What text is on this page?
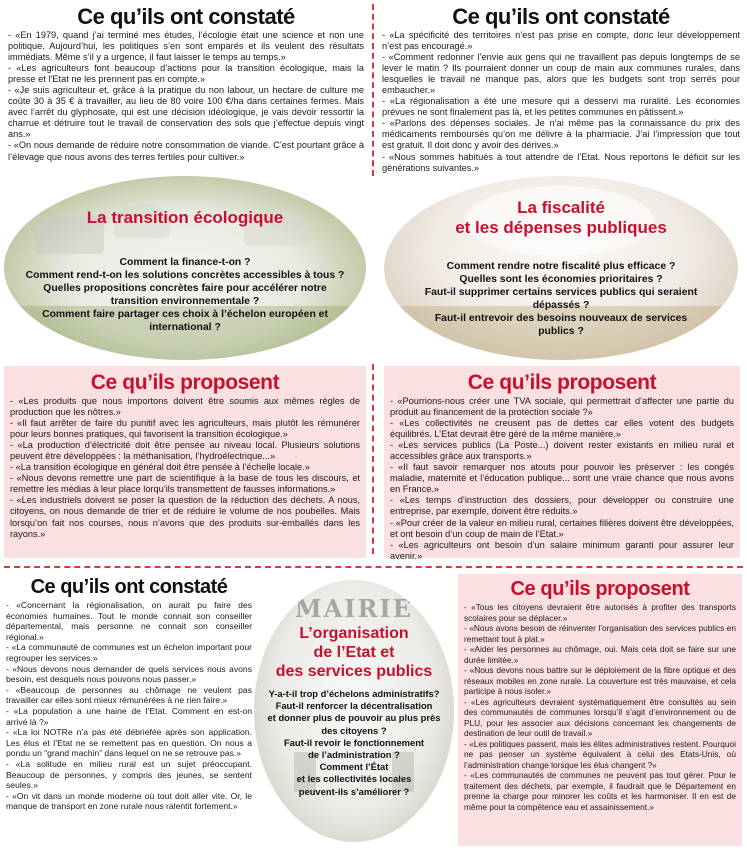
Ce qu’ils ont constaté
- «En 1979, quand j’ai terminé mes études, l’écologie était une science et non une politique. Aujourd’hui, les politiques s’en sont emparés et ils veulent des résultats immédiats. Même s’il y a urgence, il faut laisser le temps au temps.»
- «Les agriculteurs font beaucoup d’actions pour la transition écologique, mais la presse et l’Etat ne les prennent pas en compte.»
- «Je suis agriculteur et, grâce à la pratique du non labour, un hectare de culture me coûte 30 à 35 € à travailler, au lieu de 80 voire 100 €/ha dans certaines fermes. Mais avec l’arrêt du glyphosate, qui est une décision idéologique, je vais devoir ressortir la charrue et détruire tout le travail de conservation des sols que j’effectue depuis vingt ans.»
- «On nous demande de réduire notre consommation de viande. C’est pourtant grâce à l’élevage que nous avons des terres fertiles pour cultiver.»
Ce qu’ils ont constaté
- «La spécificité des territoires n’est pas prise en compte, donc leur développement n’est pas encouragé.»
- «Comment redonner l’envie aux gens qui ne travaillent pas depuis longtemps de se lever le matin ? Ils pourraient donner un coup de main aux communes rurales, dans lesquelles le travail ne manque pas, alors que les budgets sont trop serrés pour embaucher.»
- «La régionalisation a été une mesure qui a desservi ma ruralité. Les économies prévues ne sont finalement pas là, et les petites communes en pâtissent.»
- «Parlons des dépenses sociales. Je n’ai même pas la connaissance du prix des médicaments remboursés qu’on me délivre à la pharmacie. J’ai l’impression que tout est gratuit. Il doit donc y avoir des dérives.»
- «Nous sommes habitués à tout attendre de l’Etat. Nous reportons le déficit sur les générations suivantes.»
La transition écologique
Comment la finance-t-on ?
Comment rend-t-on les solutions concrètes accessibles à tous ?
Quelles propositions concrètes faire pour accélérer notre transition environnementale ?
Comment faire partager ces choix à l’échelon européen et international ?
La fiscalité
et les dépenses publiques
Comment rendre notre fiscalité plus efficace ?
Quelles sont les économies prioritaires ?
Faut-il supprimer certains services publics qui seraient dépassés ?
Faut-il entrevoir des besoins nouveaux de services publics ?
Ce qu’ils proposent
- «Les produits que nous importons doivent être soumis aux mêmes règles de production que les nôtres.»
- «Il faut arrêter de faire du punitif avec les agriculteurs, mais plutôt les rémunérer pour leurs bonnes pratiques, qui favorisent la transition écologique.»
- «La production d’électricité doit être pensée au niveau local. Plusieurs solutions peuvent être développées : la méthanisation, l’hydroélectrique...»
- «La transition écologique en général doit être pensée à l’échelle locale.»
- «Nous devons remettre une part de scientifique à la base de tous les discours, et remettre les médias à leur place lorqu’ils transmettent de fausses informations.»
- «Les industriels doivent se poser la question de la réduction des déchets. A nous, citoyens, on nous demande de trier et de réduire le volume de nos poubelles. Mais lorsqu’on fait nos courses, nous n’avons que des produits sur-emballés dans les rayons.»
Ce qu’ils proposent
- «Pourrions-nous créer une TVA sociale, qui permettrait d’affecter une partie du produit au financement de la protection sociale ?»
- «Les collectivités ne creusent pas de dettes car elles votent des budgets équilibrés. L’Etat devrait être géré de la même manière.»
- «Les services publics (La Poste...) doivent rester existants en milieu rural et accessibles grâce aux transports.»
- «Il faut savoir remarquer nos atouts pour pouvoir les préserver : les congés maladie, maternité et l’éducation publique... sont une vraie chance que nous avons en France.»
- «Les temps d’instruction des dossiers, pour développer ou construire une entreprise, par exemple, doivent être réduits.»
- «Pour créer de la valeur en milieu rural, certaines filières doivent être développées, et ont besoin d’un coup de main de l’Etat.»
- «Les agriculteurs ont besoin d’un salaire minimum garanti pour assurer leur avenir.»
Ce qu’ils ont constaté
- «Concernant la régionalisation, on aurait pu faire des économies humaines. Tout le monde connait son conseiller départemental, mais personne ne connait son conseiller régional.»
- «La communauté de communes est un échelon important pour regrouper les services.»
- «Nous devons nous demander de quels services nous avons besoin, est desquels nous pouvons nous passer.»
- «Beaucoup de personnes au chômage ne veulent pas travailler car elles sont mieux rémunérées à ne rien faire.»
- «La population a une haine de l’Etat. Comment en est-on arrivé là ?»
- «La loi NOTRe n’a pas été débriefée après son application. Les élus et l’Etat ne se remettent pas en question. On nous a pondu un “grand machin” dans lequel on ne se retrouve pas.»
- «La solitude en milieu rural est un sujet préoccupant. Beaucoup de personnes, y compris des jeunes, se sentent seules.»
- «On vit dans un monde moderne où tout doit aller vite. Or, le manque de transport en zone rurale nous ralentit fortement.»
MAIRIE
L’organisation
de l’Etat et
des services publics
Y-a-t-il trop d’échelons administratifs?
Faut-il renforcer la décentralisation
et donner plus de pouvoir au plus près
des citoyens ?
Faut-il revoir le fonctionnement
de l’administration ?
Comment l’État
et les collectivités locales
peuvent-ils s’améliorer ?
Ce qu’ils proposent
- «Tous les citoyens devraient être autorisés à profiter des transports scolaires pour se déplacer.»
- «Nous avons besoin de réinventer l’organisation des services publics en remettant tout à plat.»
- «Aider les personnes au chômage, oui. Mais cela doit se faire sur une durée limitée.»
- «Nous devons nous battre sur le déploiement de la fibre optique et des réseaux mobiles en zone rurale. La couverture est très mauvaise, et cela participe à nous isoler.»
- «Les agriculteurs devraient systématiquement être consultés au sein des communautés de communes lorsqu’il s’agit d’environnement ou de PLU, pour les associer aux décisions concernant les changements de destination de leur outil de travail.»
- «Les politiques passent, mais les élites administratives restent. Pourquoi ne pas penser un système équivalent à celui des Etats-Unis, où l’administration change lorsque les élus changent ?»
- «Les communautés de communes ne peuvent pas tout gérer. Pour le traitement des déchets, par exemple, il faudrait que le Département en prenne la charge pour minorer les coûts et les harmoniser. Il en est de même pour la compétence eau et assainissement.»
